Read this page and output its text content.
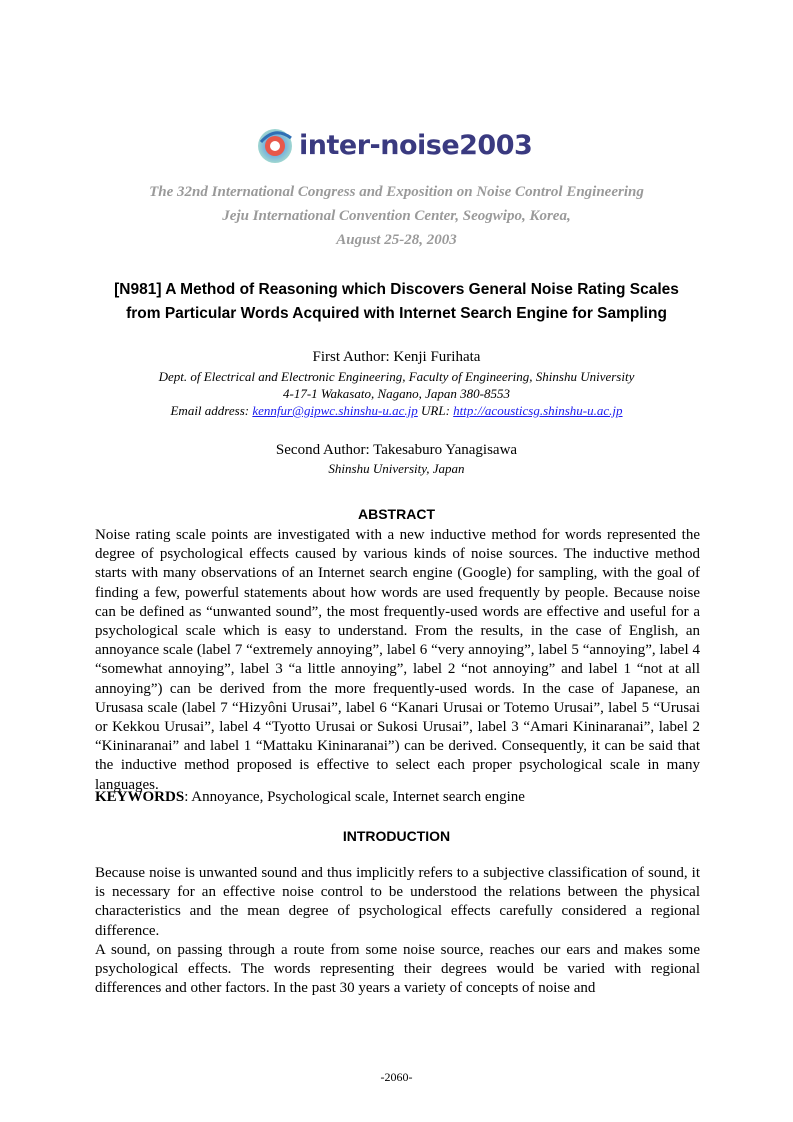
inter-noise2003
The 32nd International Congress and Exposition on Noise Control Engineering
Jeju International Convention Center, Seogwipo, Korea,
August 25-28, 2003
[N981] A Method of Reasoning which Discovers General Noise Rating Scales
from Particular Words Acquired with Internet Search Engine for Sampling
First Author: Kenji Furihata
Dept. of Electrical and Electronic Engineering, Faculty of Engineering, Shinshu University
4-17-1 Wakasato, Nagano, Japan 380-8553
Email address: kennfur@gipwc.shinshu-u.ac.jp URL: http://acousticsg.shinshu-u.ac.jp
Second Author: Takesaburo Yanagisawa
Shinshu University, Japan
ABSTRACT
Noise rating scale points are investigated with a new inductive method for words represented the degree of psychological effects caused by various kinds of noise sources. The inductive method starts with many observations of an Internet search engine (Google) for sampling, with the goal of finding a few, powerful statements about how words are used frequently by people. Because noise can be defined as “unwanted sound”, the most frequently-used words are effective and useful for a psychological scale which is easy to understand. From the results, in the case of English, an annoyance scale (label 7 “extremely annoying”, label 6 “very annoying”, label 5 “annoying”, label 4 “somewhat annoying”, label 3 “a little annoying”, label 2 “not annoying” and label 1 “not at all annoying”) can be derived from the more frequently-used words. In the case of Japanese, an Urusasa scale (label 7 “Hizyôni Urusai”, label 6 “Kanari Urusai or Totemo Urusai”, label 5 “Urusai or Kekkou Urusai”, label 4 “Tyotto Urusai or Sukosi Urusai”, label 3 “Amari Kininaranai”, label 2 “Kininaranai” and label 1 “Mattaku Kininaranai”) can be derived. Consequently, it can be said that the inductive method proposed is effective to select each proper psychological scale in many languages.
KEYWORDS: Annoyance, Psychological scale, Internet search engine
INTRODUCTION
Because noise is unwanted sound and thus implicitly refers to a subjective classification of sound, it is necessary for an effective noise control to be understood the relations between the physical characteristics and the mean degree of psychological effects carefully considered a regional difference.
A sound, on passing through a route from some noise source, reaches our ears and makes some psychological effects. The words representing their degrees would be varied with regional differences and other factors. In the past 30 years a variety of concepts of noise and
-2060-
